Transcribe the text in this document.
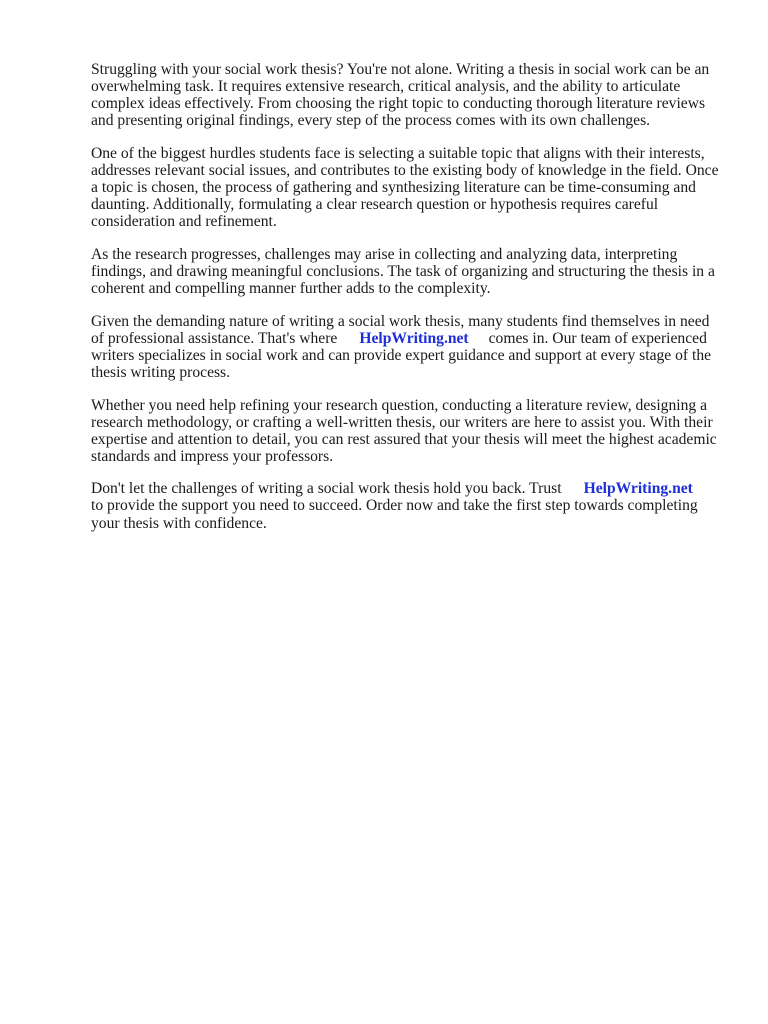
Struggling with your social work thesis? You're not alone. Writing a thesis in social work can be an overwhelming task. It requires extensive research, critical analysis, and the ability to articulate complex ideas effectively. From choosing the right topic to conducting thorough literature reviews and presenting original findings, every step of the process comes with its own challenges.

One of the biggest hurdles students face is selecting a suitable topic that aligns with their interests, addresses relevant social issues, and contributes to the existing body of knowledge in the field. Once a topic is chosen, the process of gathering and synthesizing literature can be time-consuming and daunting. Additionally, formulating a clear research question or hypothesis requires careful consideration and refinement.

As the research progresses, challenges may arise in collecting and analyzing data, interpreting findings, and drawing meaningful conclusions. The task of organizing and structuring the thesis in a coherent and compelling manner further adds to the complexity.

Given the demanding nature of writing a social work thesis, many students find themselves in need of professional assistance. That's where HelpWriting.net comes in. Our team of experienced writers specializes in social work and can provide expert guidance and support at every stage of the thesis writing process.

Whether you need help refining your research question, conducting a literature review, designing a research methodology, or crafting a well-written thesis, our writers are here to assist you. With their expertise and attention to detail, you can rest assured that your thesis will meet the highest academic standards and impress your professors.

Don't let the challenges of writing a social work thesis hold you back. Trust HelpWriting.net
to provide the support you need to succeed. Order now and take the first step towards completing your thesis with confidence.
